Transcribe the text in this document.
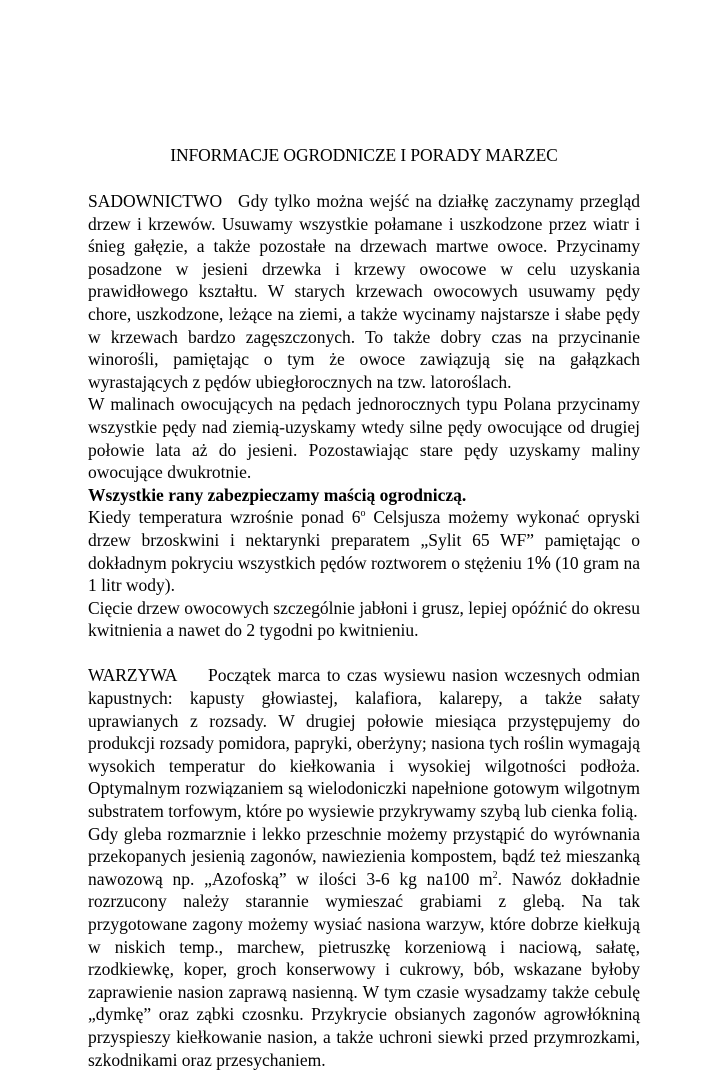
INFORMACJE OGRODNICZE I PORADY MARZEC

SADOWNICTWO Gdy tylko można wejść na działkę zaczynamy przegląd drzew i krzewów. Usuwamy wszystkie połamane i uszkodzone przez wiatr i śnieg gałęzie, a także pozostałe na drzewach martwe owoce. Przycinamy posadzone w jesieni drzewka i krzewy owocowe w celu uzyskania prawidłowego kształtu. W starych krzewach owocowych usuwamy pędy chore, uszkodzone, leżące na ziemi, a także wycinamy najstarsze i słabe pędy w krzewach bardzo zagęszczonych. To także dobry czas na przycinanie winorośli, pamiętając o tym że owoce zawiązują się na gałązkach wyrastających z pędów ubiegłorocznych na tzw. latoroślach.

W malinach owocujących na pędach jednorocznych typu Polana przycinamy wszystkie pędy nad ziemią-uzyskamy wtedy silne pędy owocujące od drugiej połowie lata aż do jesieni. Pozostawiając stare pędy uzyskamy maliny owocujące dwukrotnie.

Wszystkie rany zabezpieczamy maścią ogrodniczą.

Kiedy temperatura wzrośnie ponad 6$^o$ Celsjusza możemy wykonać opryski drzew brzoskwini i nektarynki preparatem „Sylit 65 WF” pamiętając o dokładnym pokryciu wszystkich pędów roztworem o stężeniu 1% (10 gram na 1 litr wody).

Cięcie drzew owocowych szczególnie jabłoni i grusz, lepiej opóźnić do okresu kwitnienia a nawet do 2 tygodni po kwitnieniu.

WARZYWA Początek marca to czas wysiewu nasion wczesnych odmian kapustnych: kapusty głowiastej, kalafiora, kalarepy, a także sałaty uprawianych z rozsady. W drugiej połowie miesiąca przystępujemy do produkcji rozsady pomidora, papryki, oberżyny; nasiona tych roślin wymagają wysokich temperatur do kiełkowania i wysokiej wilgotności podłoża. Optymalnym rozwiązaniem są wielodoniczki napełnione gotowym wilgotnym substratem torfowym, które po wysiewie przykrywamy szybą lub cienka folią.

Gdy gleba rozmarznie i lekko przeschnie możemy przystąpić do wyrównania przekopanych jesienią zagonów, nawiezienia kompostem, bądź też mieszanką nawozową np. „Azofoską” w ilości 3-6 kg na100 $m^2$. Nawóz dokładnie rozrzucony należy starannie wymieszać grabiami z glebą. Na tak przygotowane zagony możemy wysiać nasiona warzyw, które dobrze kiełkują w niskich temp., marchew, pietruszkę korzeniową i naciową, sałatę, rzodkiewkę, koper, groch konserwowy i cukrowy, bób, wskazane byłoby zaprawienie nasion zaprawą nasienną. W tym czasie wysadzamy także cebulę „dymkę” oraz ząbki czosnku. Przykrycie obsianych zagonów agrowłókniną przyspieszy kiełkowanie nasion, a także uchroni siewki przed przymrozkami, szkodnikami oraz przesychaniem.
